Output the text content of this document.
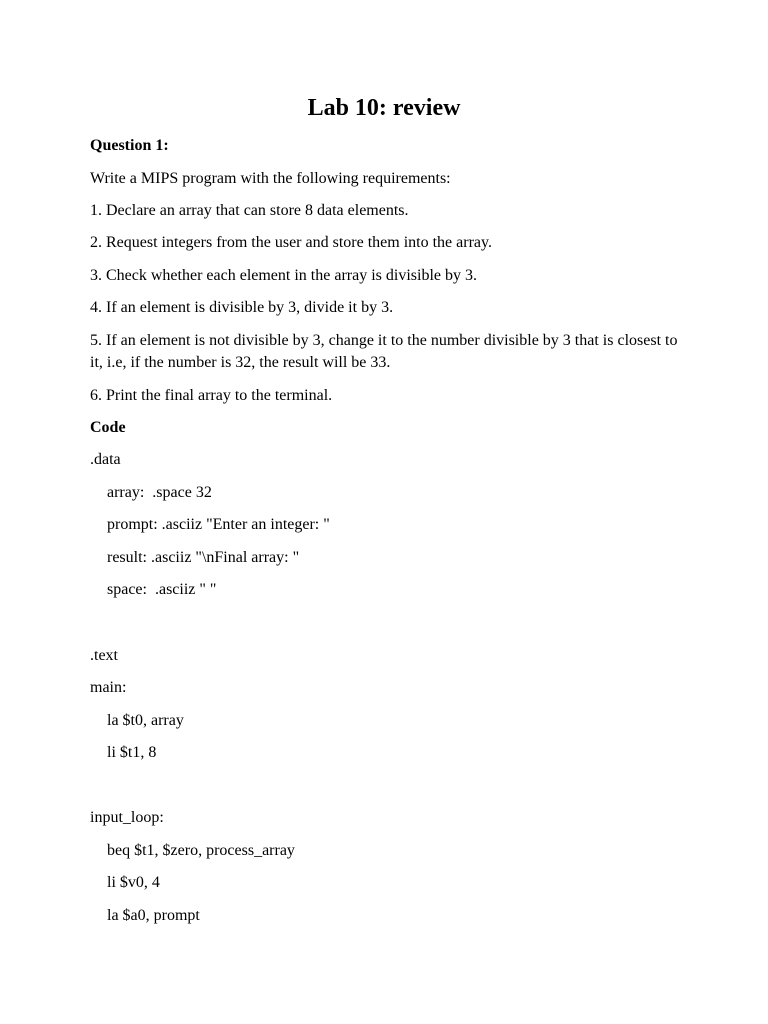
Lab 10: review
Question 1:
Write a MIPS program with the following requirements:
1. Declare an array that can store 8 data elements.
2. Request integers from the user and store them into the array.
3. Check whether each element in the array is divisible by 3.
4. If an element is divisible by 3, divide it by 3.
5. If an element is not divisible by 3, change it to the number divisible by 3 that is closest to it, i.e, if the number is 32, the result will be 33.
6. Print the final array to the terminal.
Code
.data
array:  .space 32
prompt: .asciiz "Enter an integer: "
result: .asciiz "\nFinal array: "
space:  .asciiz " "
.text
main:
la $t0, array
li $t1, 8
input_loop:
beq $t1, $zero, process_array
li $v0, 4
la $a0, prompt
